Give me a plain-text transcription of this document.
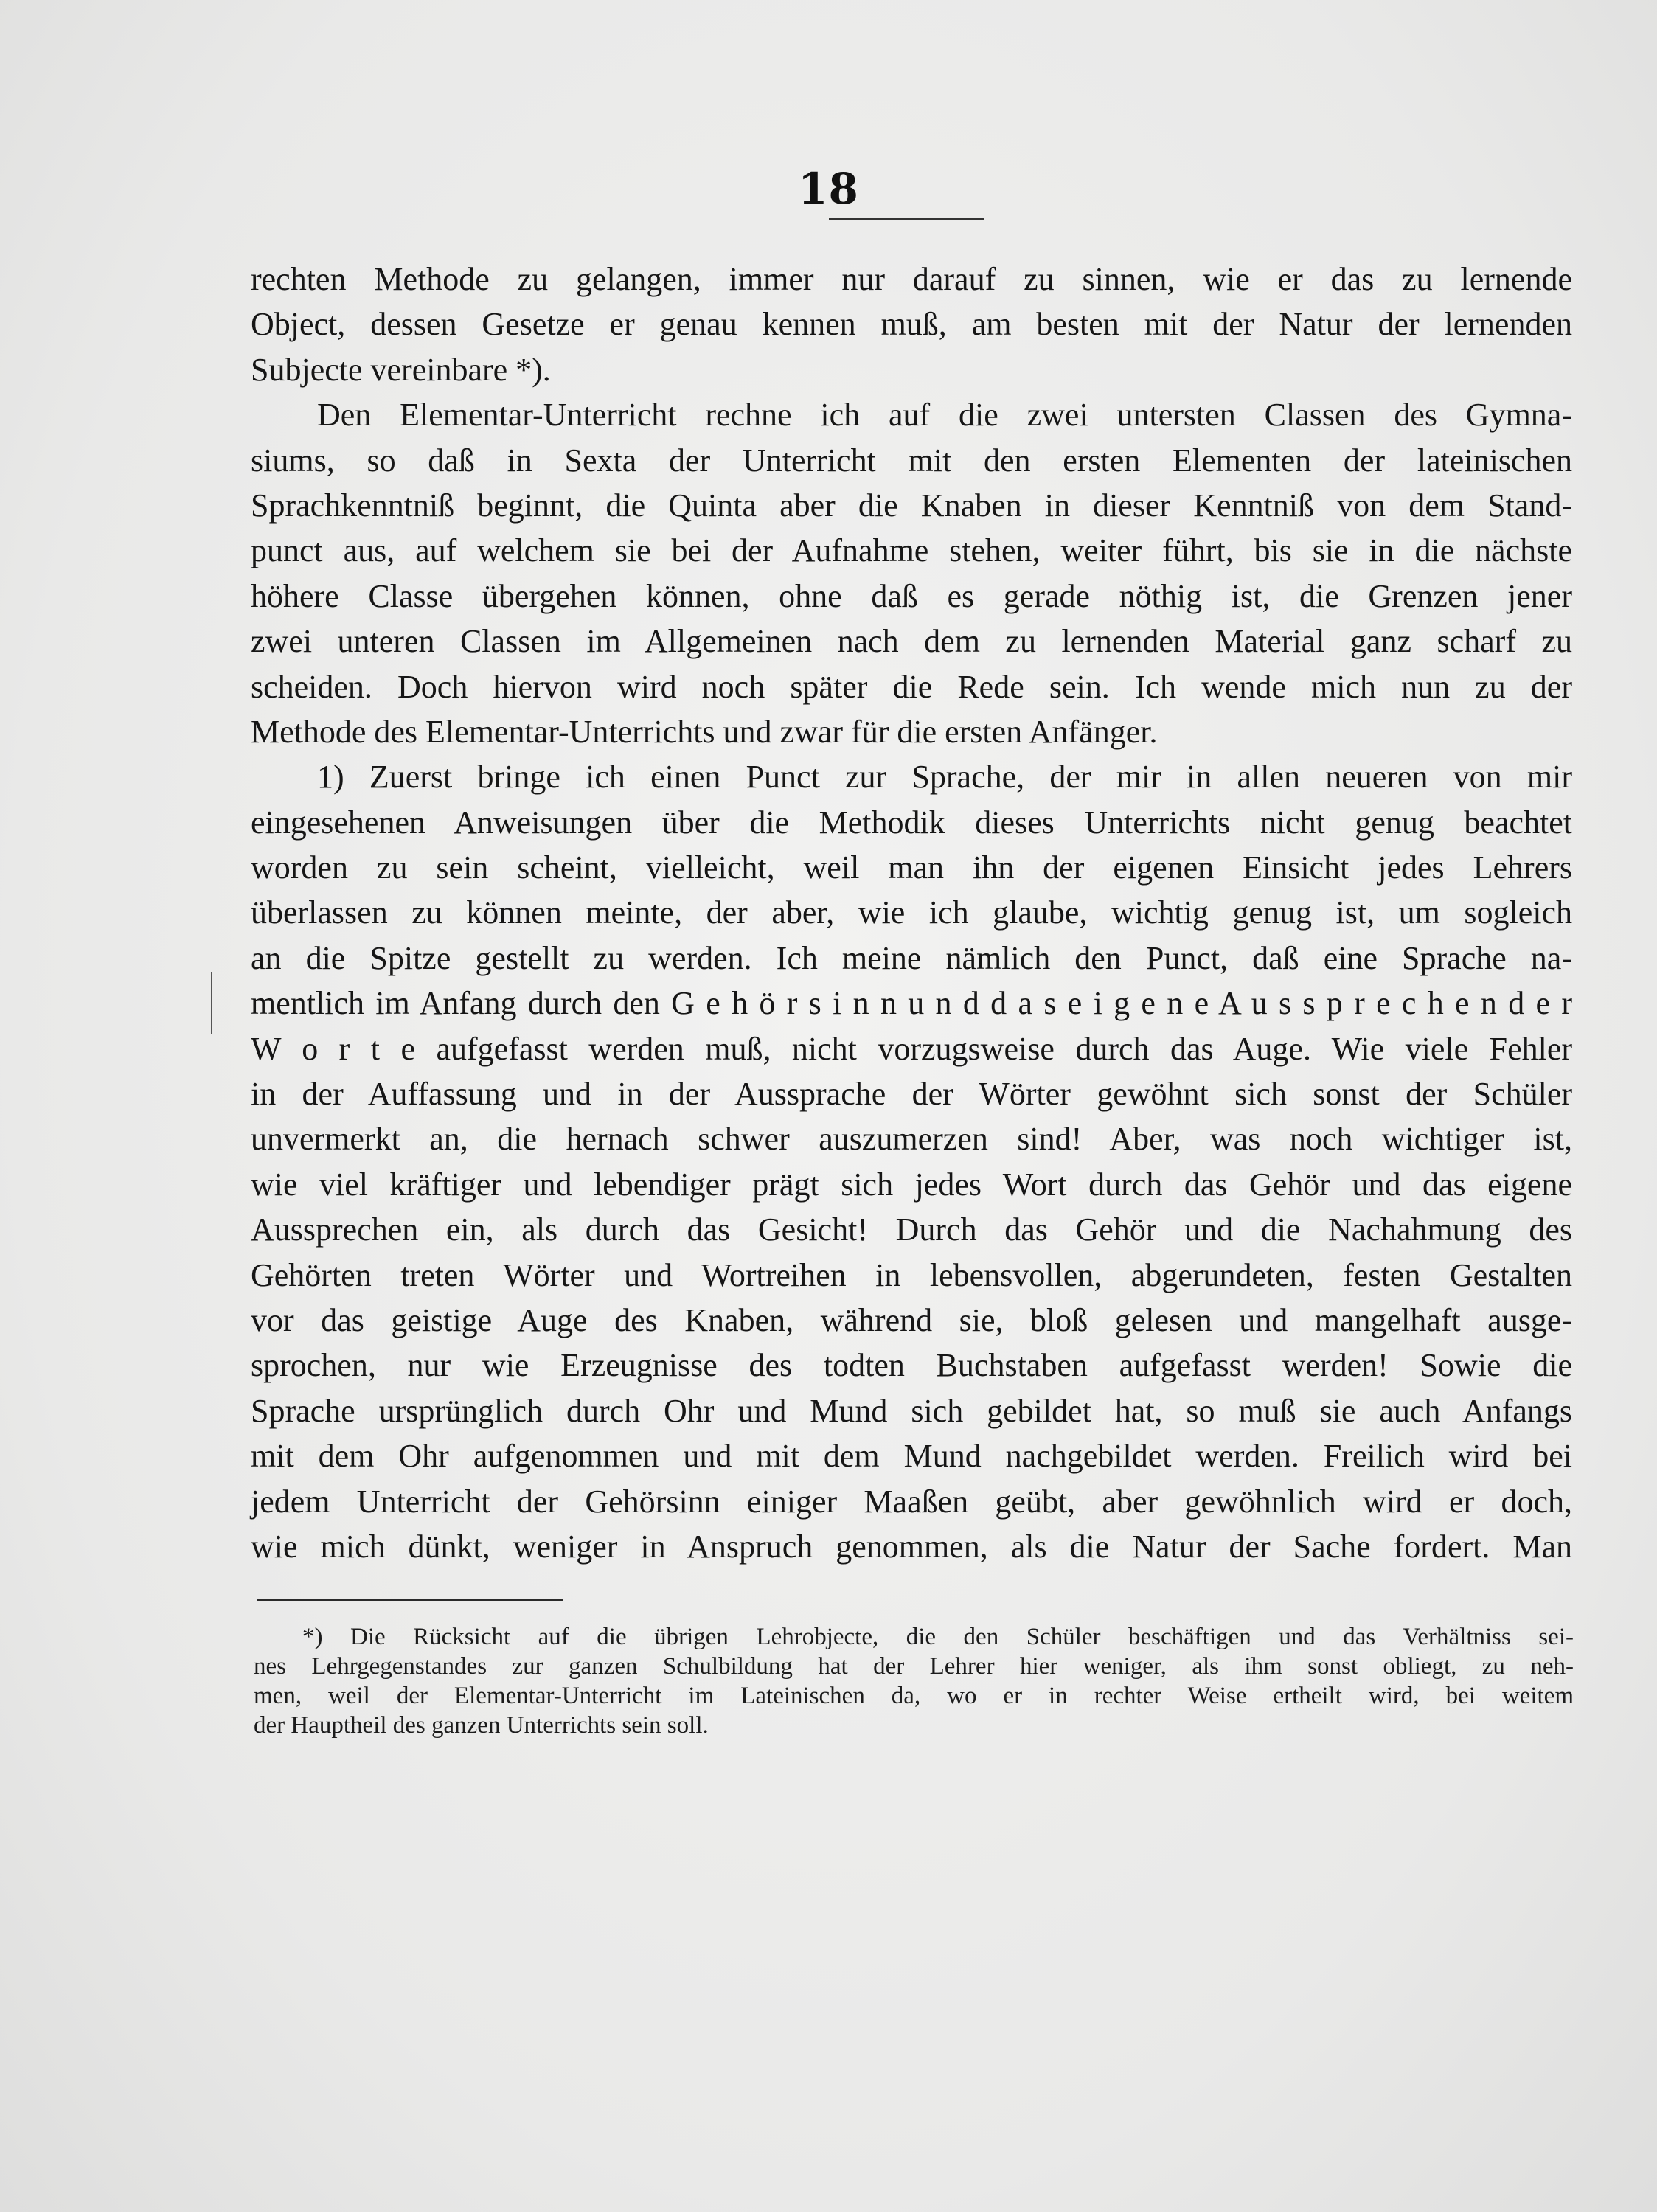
18
rechten Methode zu gelangen, immer nur darauf zu sinnen, wie er das zu lernende
Object, dessen Gesetze er genau kennen muß, am besten mit der Natur der lernenden
Subjecte vereinbare *).
Den Elementar-Unterricht rechne ich auf die zwei untersten Classen des Gymna-
siums, so daß in Sexta der Unterricht mit den ersten Elementen der lateinischen
Sprachkenntniß beginnt, die Quinta aber die Knaben in dieser Kenntniß von dem Stand-
punct aus, auf welchem sie bei der Aufnahme stehen, weiter führt, bis sie in die nächste
höhere Classe übergehen können, ohne daß es gerade nöthig ist, die Grenzen jener
zwei unteren Classen im Allgemeinen nach dem zu lernenden Material ganz scharf zu
scheiden. Doch hiervon wird noch später die Rede sein. Ich wende mich nun zu der
Methode des Elementar-Unterrichts und zwar für die ersten Anfänger.
1) Zuerst bringe ich einen Punct zur Sprache, der mir in allen neueren von mir
eingesehenen Anweisungen über die Methodik dieses Unterrichts nicht genug beachtet
worden zu sein scheint, vielleicht, weil man ihn der eigenen Einsicht jedes Lehrers
überlassen zu können meinte, der aber, wie ich glaube, wichtig genug ist, um sogleich
an die Spitze gestellt zu werden. Ich meine nämlich den Punct, daß eine Sprache na-
mentlich im Anfang durch den G e h ö r s i n n u n d d a s e i g e n e A u s s p r e c h e n d e r
W o r t e aufgefasst werden muß, nicht vorzugsweise durch das Auge. Wie viele Fehler
in der Auffassung und in der Aussprache der Wörter gewöhnt sich sonst der Schüler
unvermerkt an, die hernach schwer auszumerzen sind! Aber, was noch wichtiger ist,
wie viel kräftiger und lebendiger prägt sich jedes Wort durch das Gehör und das eigene
Aussprechen ein, als durch das Gesicht! Durch das Gehör und die Nachahmung des
Gehörten treten Wörter und Wortreihen in lebensvollen, abgerundeten, festen Gestalten
vor das geistige Auge des Knaben, während sie, bloß gelesen und mangelhaft ausge-
sprochen, nur wie Erzeugnisse des todten Buchstaben aufgefasst werden! Sowie die
Sprache ursprünglich durch Ohr und Mund sich gebildet hat, so muß sie auch Anfangs
mit dem Ohr aufgenommen und mit dem Mund nachgebildet werden. Freilich wird bei
jedem Unterricht der Gehörsinn einiger Maaßen geübt, aber gewöhnlich wird er doch,
wie mich dünkt, weniger in Anspruch genommen, als die Natur der Sache fordert. Man
*) Die Rücksicht auf die übrigen Lehrobjecte, die den Schüler beschäftigen und das Verhältniss sei-
nes Lehrgegenstandes zur ganzen Schulbildung hat der Lehrer hier weniger, als ihm sonst obliegt, zu neh-
men, weil der Elementar-Unterricht im Lateinischen da, wo er in rechter Weise ertheilt wird, bei weitem
der Hauptheil des ganzen Unterrichts sein soll.
